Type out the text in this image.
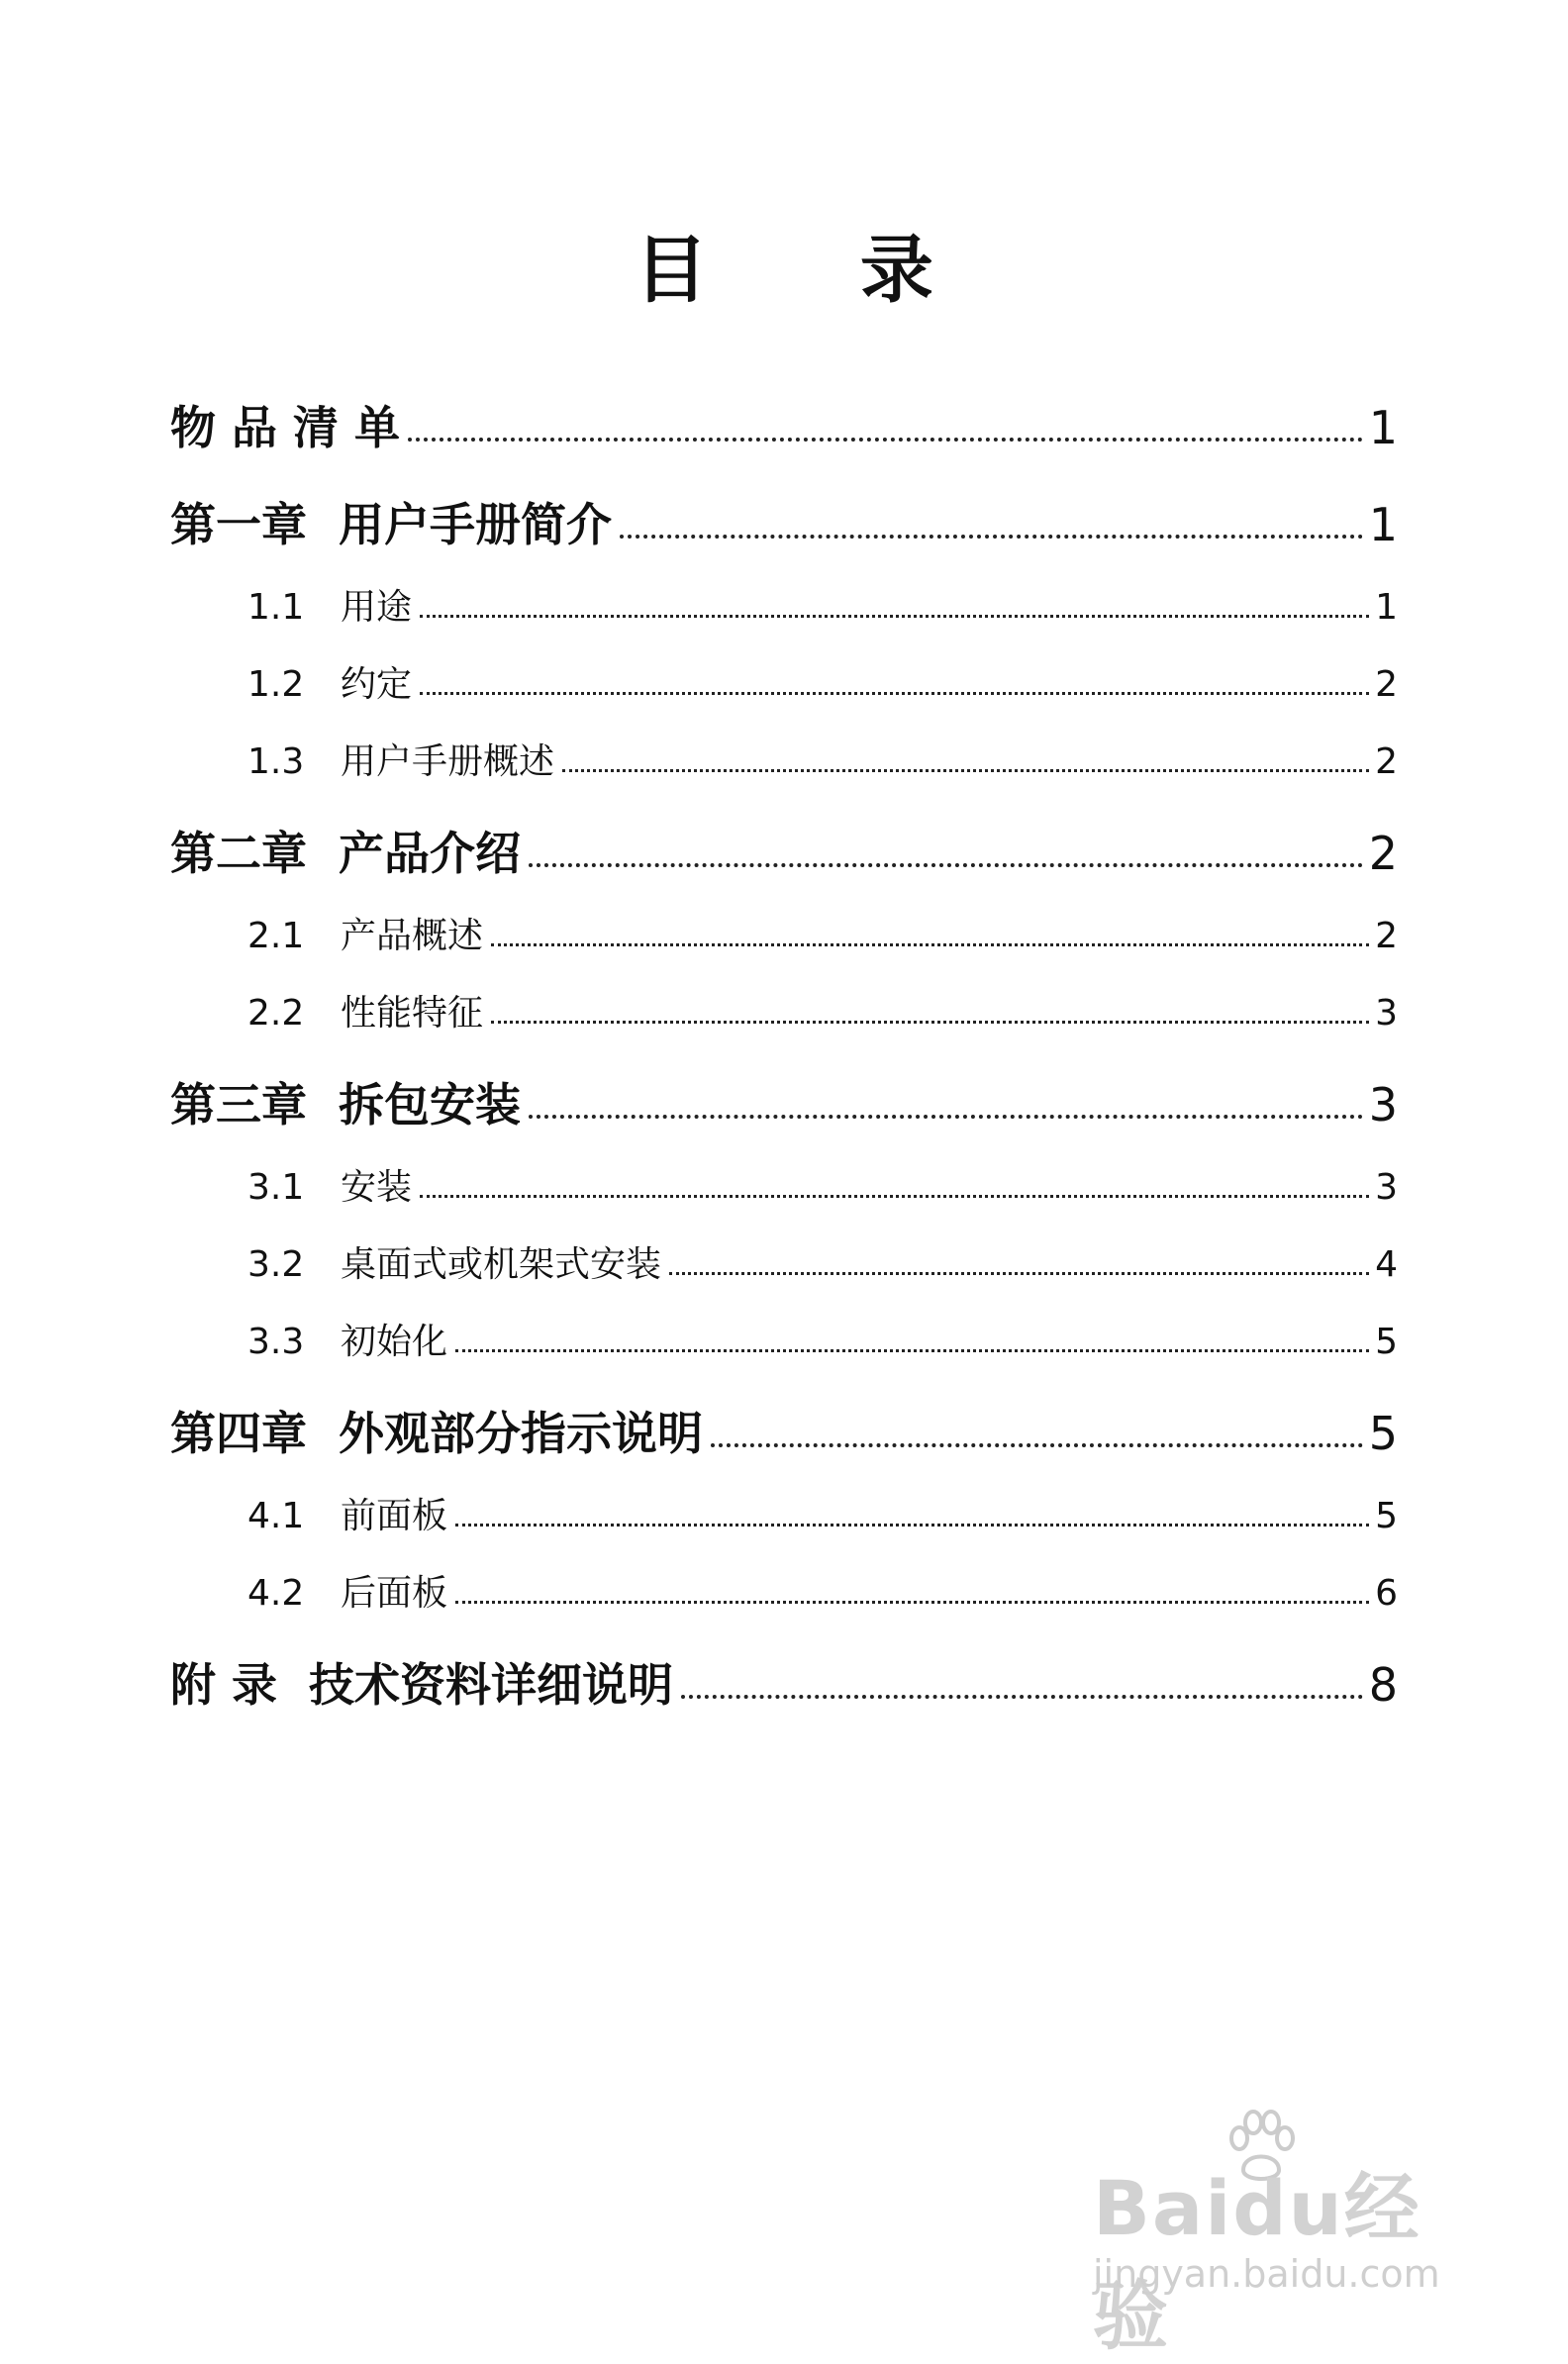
目 录
物 品 清 单	1
第一章  用户手册简介	1
1.1 用途	1
1.2 约定	2
1.3 用户手册概述	2
第二章  产品介绍	2
2.1 产品概述	2
2.2 性能特征	3
第三章  拆包安装	3
3.1 安装	3
3.2 桌面式或机架式安装	4
3.3 初始化	5
第四章  外观部分指示说明	5
4.1 前面板	5
4.2 后面板	6
附 录  技术资料详细说明	8
Baidu经验
jingyan.baidu.com
